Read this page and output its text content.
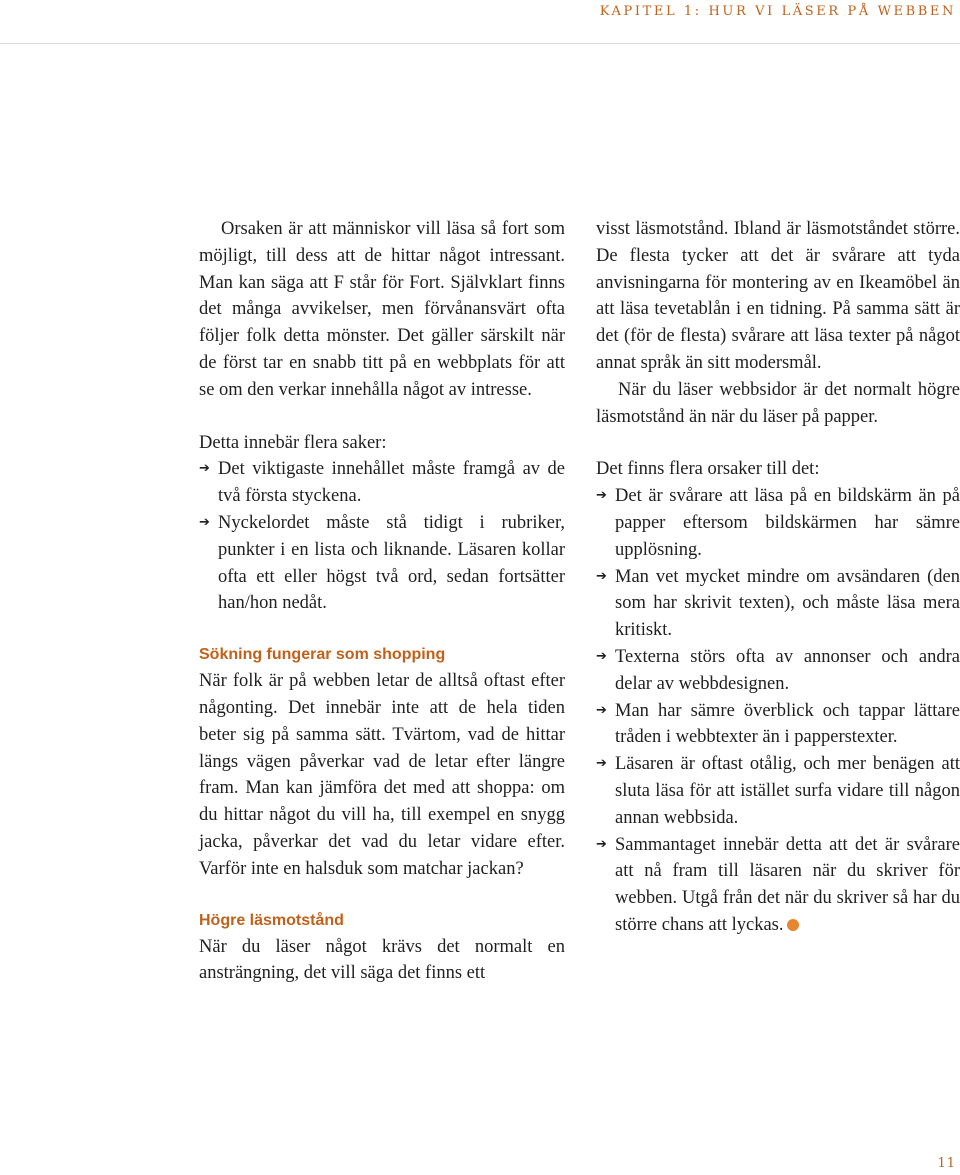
KAPITEL 1: HUR VI LÄSER PÅ WEBBEN

Orsaken är att människor vill läsa så fort som möjligt, till dess att de hittar något intressant. Man kan säga att F står för Fort. Självklart finns det många avvikelser, men förvånansvärt ofta följer folk detta mönster. Det gäller särskilt när de först tar en snabb titt på en webbplats för att se om den verkar innehålla något av intresse.

Detta innebär flera saker:

➔ Det viktigaste innehållet måste framgå av de två första styckena.
➔ Nyckelordet måste stå tidigt i rubriker, punkter i en lista och liknande. Läsaren kollar ofta ett eller högst två ord, sedan fortsätter han/hon nedåt.
Sökning fungerar som shopping

När folk är på webben letar de alltså oftast efter någonting. Det innebär inte att de hela tiden beter sig på samma sätt. Tvärtom, vad de hittar längs vägen påverkar vad de letar efter längre fram. Man kan jämföra det med att shoppa: om du hittar något du vill ha, till exempel en snygg jacka, påverkar det vad du letar vidare efter. Varför inte en halsduk som matchar jackan?

Högre läsmotstånd

När du läser något krävs det normalt en ansträngning, det vill säga det finns ett

visst läsmotstånd. Ibland är läsmotståndet större. De flesta tycker att det är svårare att tyda anvisningarna för montering av en Ikeamöbel än att läsa tevetablån i en tidning. På samma sätt är det (för de flesta) svårare att läsa texter på något annat språk än sitt modersmål.

När du läser webbsidor är det normalt högre läsmotstånd än när du läser på papper.

Det finns flera orsaker till det:

➔ Det är svårare att läsa på en bildskärm än på papper eftersom bildskärmen har sämre upplösning.
➔ Man vet mycket mindre om avsändaren (den som har skrivit texten), och måste läsa mera kritiskt.
➔ Texterna störs ofta av annonser och andra delar av webbdesignen.
➔ Man har sämre överblick och tappar lättare tråden i webbtexter än i papperstexter.
➔ Läsaren är oftast otålig, och mer benägen att sluta läsa för att istället surfa vidare till någon annan webbsida.
➔ Sammantaget innebär detta att det är svårare att nå fram till läsaren när du skriver för webben. Utgå från det när du skriver så har du större chans att lyckas.
11
